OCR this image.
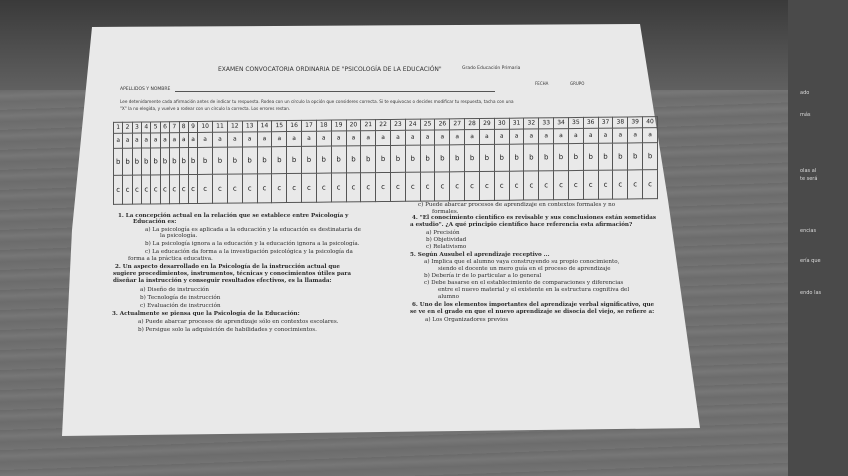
ado
más
olas al
te será
encias
ería que
endo las
EXAMEN CONVOCATORIA ORDINARIA DE "PSICOLOGÍA DE LA EDUCACIÓN"	Grado Educación Primaria
APELLIDOS Y NOMBRE
FECHA	GRUPO
Lee detenidamente cada afirmación antes de indicar tu respuesta. Rodea con un círculo la opción que consideres correcta. Si te equivocas o decides modificar tu respuesta, tacha con una
"X" la no elegida, y vuelve a rodear con un círculo la correcta. Los errores restan.
1	2	3	4	5	6	7	8	9	10	11	12	13	14	15	16	17	18	19	20	21	22	23	24	25	26	27	28	29	30	31	32	33	34	35	36	37	38	39	40
a	a	a	a	a	a	a	a	a	a	a	a	a	a	a	a	a	a	a	a	a	a	a	a	a	a	a	a	a	a	a	a	a	a	a	a	a	a	a	a
b	b	b	b	b	b	b	b	b	b	b	b	b	b	b	b	b	b	b	b	b	b	b	b	b	b	b	b	b	b	b	b	b	b	b	b	b	b	b	b
c	c	c	c	c	c	c	c	c	c	c	c	c	c	c	c	c	c	c	c	c	c	c	c	c	c	c	c	c	c	c	c	c	c	c	c	c	c	c	c
1. La concepción actual en la relación que se establece entre Psicología y
Educación es:
a) La psicología es aplicada a la educación y la educación es destinataria de
la psicología.
b) La psicología ignora a la educación y la educación ignora a la psicología.
c) La educación da forma a la investigación psicológica y la psicología da
forma a la práctica educativa.
2. Un aspecto desarrollado en la Psicología de la instrucción actual que
sugiere procedimientos, instrumentos, técnicas y conocimientos útiles para
diseñar la instrucción y conseguir resultados efectivos, es la llamada:
a) Diseño de instrucción
b) Tecnología de instrucción
c) Evaluación de instrucción
3. Actualmente se piensa que la Psicología de la Educación:
a) Puede abarcar procesos de aprendizaje sólo en contextos escolares.
b) Persigue solo la adquisición de habilidades y conocimientos.
c) Puede abarcar procesos de aprendizaje en contextos formales y no
formales.
4. "El conocimiento científico es revisable y sus conclusiones están sometidas
a estudio". ¿A qué principio científico hace referencia esta afirmación?
a) Precisión
b) Objetividad
c) Relativismo
5. Según Ausubel el aprendizaje receptivo ...
a) Implica que el alumno vaya construyendo su propio conocimiento,
siendo el docente un mero guía en el proceso de aprendizaje
b) Debería ir de lo particular a lo general
c) Debe basarse en el establecimiento de comparaciones y diferencias
entre el nuevo material y el existente en la estructura cognitiva del
alumno
6. Uno de los elementos importantes del aprendizaje verbal significativo, que
se ve en el grado en que el nuevo aprendizaje se disocia del viejo, se refiere a:
a) Los Organizadores previos
